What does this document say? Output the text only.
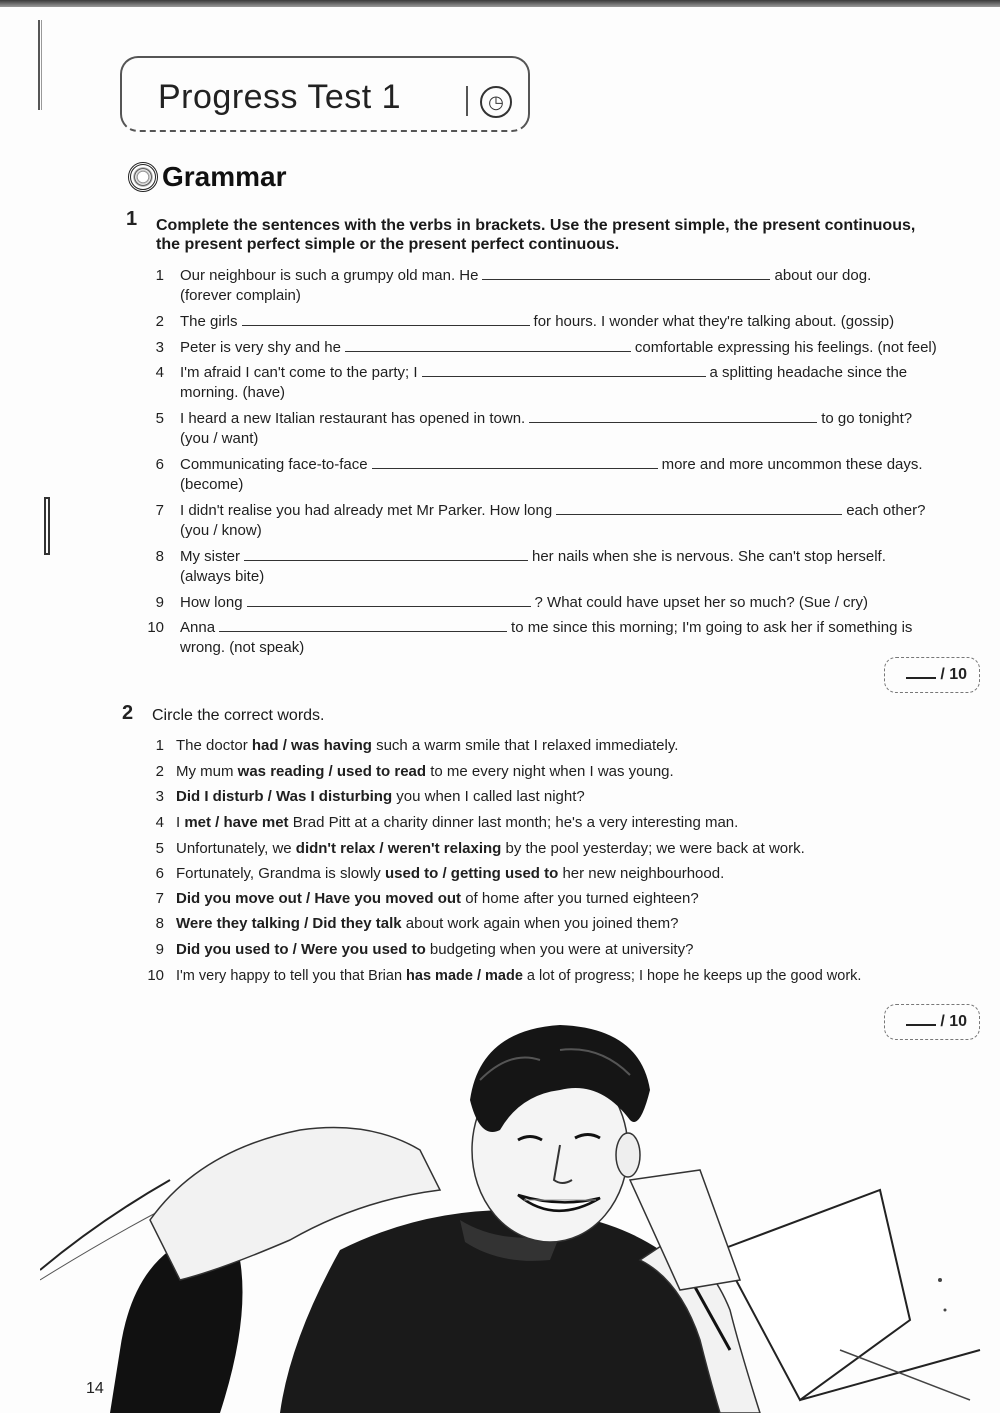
Progress Test 1	◷
Grammar
1 Complete the sentences with the verbs in brackets. Use the present simple, the present continuous,
the present perfect simple or the present perfect continuous.
1 Our neighbour is such a grumpy old man. He	about our dog.
(forever complain)
2 The girls	for hours. I wonder what they're talking about. (gossip)
3 Peter is very shy and he	comfortable expressing his feelings. (not feel)
4 I'm afraid I can't come to the party; I	a splitting headache since the
morning. (have)
5 I heard a new Italian restaurant has opened in town.	to go tonight?
(you / want)
6 Communicating face-to-face	more and more uncommon these days.
(become)
7 I didn't realise you had already met Mr Parker. How long	each other?
(you / know)
8 My sister	her nails when she is nervous. She can't stop herself.
(always bite)
9 How long	? What could have upset her so much? (Sue / cry)
10 Anna	to me since this morning; I'm going to ask her if something is
wrong. (not speak)
/ 10
2 Circle the correct words.
1 The doctor had / was having such a warm smile that I relaxed immediately.
2 My mum was reading / used to read to me every night when I was young.
3 Did I disturb / Was I disturbing you when I called last night?
4 I met / have met Brad Pitt at a charity dinner last month; he's a very interesting man.
5 Unfortunately, we didn't relax / weren't relaxing by the pool yesterday; we were back at work.
6 Fortunately, Grandma is slowly used to / getting used to her new neighbourhood.
7 Did you move out / Have you moved out of home after you turned eighteen?
8 Were they talking / Did they talk about work again when you joined them?
9 Did you used to / Were you used to budgeting when you were at university?
10 I'm very happy to tell you that Brian has made / made a lot of progress; I hope he keeps up the good work.
/ 10
14
